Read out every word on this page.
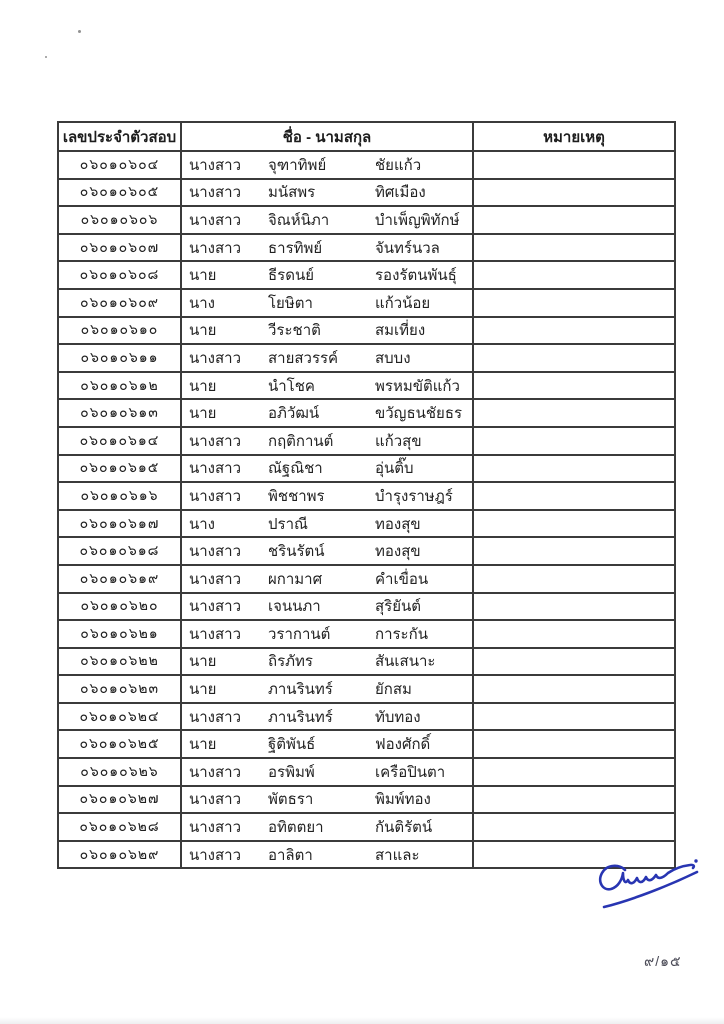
เลขประจำตัวสอบ	ชื่อ - นามสกุล	หมายเหตุ
๐๖๐๑๐๖๐๔	นางสาว จุฑาทิพย์ ชัยแก้ว	

๐๖๐๑๐๖๐๕	นางสาว มนัสพร ทิศเมือง	

๐๖๐๑๐๖๐๖	นางสาว จิณห์นิภา บำเพ็ญพิทักษ์	

๐๖๐๑๐๖๐๗	นางสาว ธารทิพย์ จันทร์นวล	

๐๖๐๑๐๖๐๘	นาย ธีรดนย์ รองรัตนพันธุ์	

๐๖๐๑๐๖๐๙	นาง โยษิตา แก้วน้อย	

๐๖๐๑๐๖๑๐	นาย วีระชาติ สมเที่ยง	

๐๖๐๑๐๖๑๑	นางสาว สายสวรรค์ สบบง	

๐๖๐๑๐๖๑๒	นาย นำโชค พรหมขัติแก้ว	

๐๖๐๑๐๖๑๓	นาย อภิวัฒน์ ขวัญธนชัยธร	

๐๖๐๑๐๖๑๔	นางสาว กฤติกานต์ แก้วสุข	

๐๖๐๑๐๖๑๕	นางสาว ณัฐณิชา อุ่นติ๊บ	

๐๖๐๑๐๖๑๖	นางสาว พิชชาพร บำรุงราษฎร์	

๐๖๐๑๐๖๑๗	นาง ปราณี ทองสุข	

๐๖๐๑๐๖๑๘	นางสาว ชรินรัตน์ ทองสุข	

๐๖๐๑๐๖๑๙	นางสาว ผกามาศ คำเขื่อน	

๐๖๐๑๐๖๒๐	นางสาว เจนนภา สุริยันต์	

๐๖๐๑๐๖๒๑	นางสาว วรากานต์ การะกัน	

๐๖๐๑๐๖๒๒	นาย ถิรภัทร สันเสนาะ	

๐๖๐๑๐๖๒๓	นาย ภานรินทร์ ยักสม	

๐๖๐๑๐๖๒๔	นางสาว ภานรินทร์ ทับทอง	

๐๖๐๑๐๖๒๕	นาย ฐิติพันธ์ ฟองศักดิ์	

๐๖๐๑๐๖๒๖	นางสาว อรพิมพ์ เครือปินตา	

๐๖๐๑๐๖๒๗	นางสาว พัตธรา พิมพ์ทอง	

๐๖๐๑๐๖๒๘	นางสาว อทิตตยา กันติรัตน์	

๐๖๐๑๐๖๒๙	นางสาว อาลิตา สาและ	

๙/๑๕
